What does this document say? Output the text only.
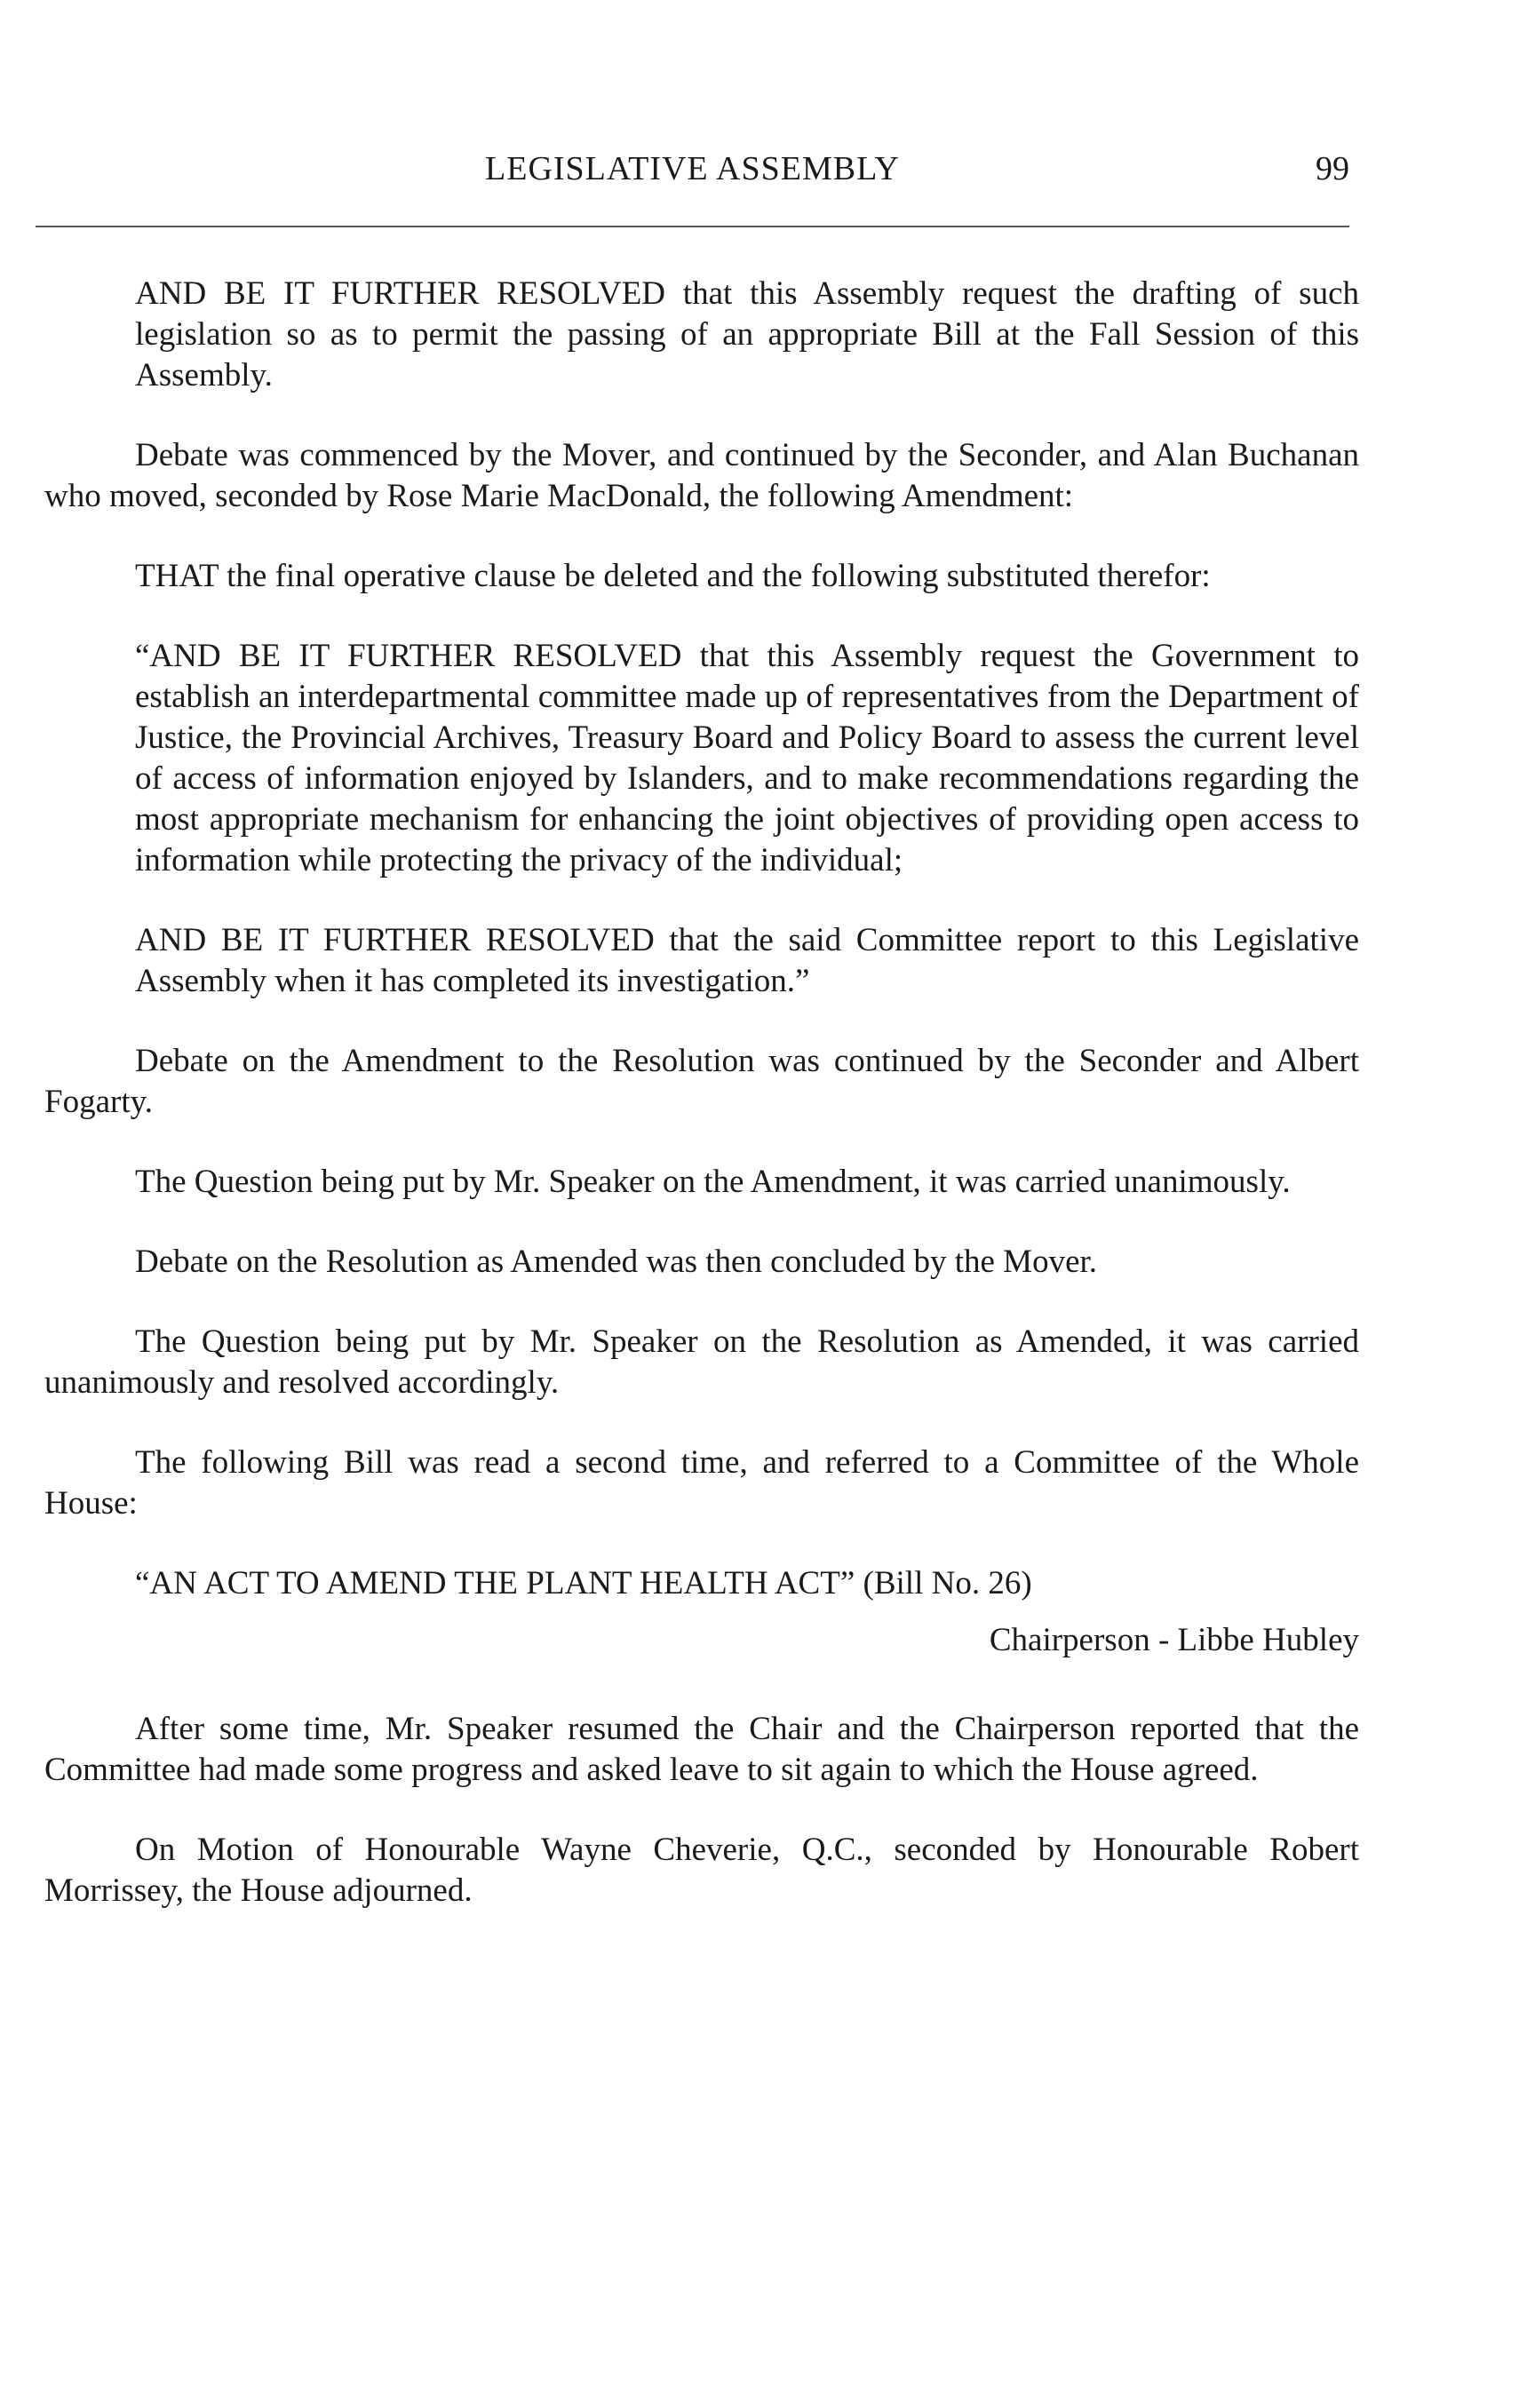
LEGISLATIVE ASSEMBLY	99

AND BE IT FURTHER RESOLVED that this Assembly request the drafting of such legislation so as to permit the passing of an appropriate Bill at the Fall Session of this Assembly.

Debate was commenced by the Mover, and continued by the Seconder, and Alan Buchanan who moved, seconded by Rose Marie MacDonald, the following Amendment:

THAT the final operative clause be deleted and the following substituted therefor:

“AND BE IT FURTHER RESOLVED that this Assembly request the Government to establish an interdepartmental committee made up of representatives from the Department of Justice, the Provincial Archives, Treasury Board and Policy Board to assess the current level of access of information enjoyed by Islanders, and to make recommendations regarding the most appropriate mechanism for enhancing the joint objectives of providing open access to information while protecting the privacy of the individual;

AND BE IT FURTHER RESOLVED that the said Committee report to this Legislative Assembly when it has completed its investigation.”

Debate on the Amendment to the Resolution was continued by the Seconder and Albert Fogarty.

The Question being put by Mr. Speaker on the Amendment, it was carried unanimously.

Debate on the Resolution as Amended was then concluded by the Mover.

The Question being put by Mr. Speaker on the Resolution as Amended, it was carried unanimously and resolved accordingly.

The following Bill was read a second time, and referred to a Committee of the Whole House:

“AN ACT TO AMEND THE PLANT HEALTH ACT” (Bill No. 26)

Chairperson - Libbe Hubley

After some time, Mr. Speaker resumed the Chair and the Chairperson reported that the Committee had made some progress and asked leave to sit again to which the House agreed.

On Motion of Honourable Wayne Cheverie, Q.C., seconded by Honourable Robert Morrissey, the House adjourned.
